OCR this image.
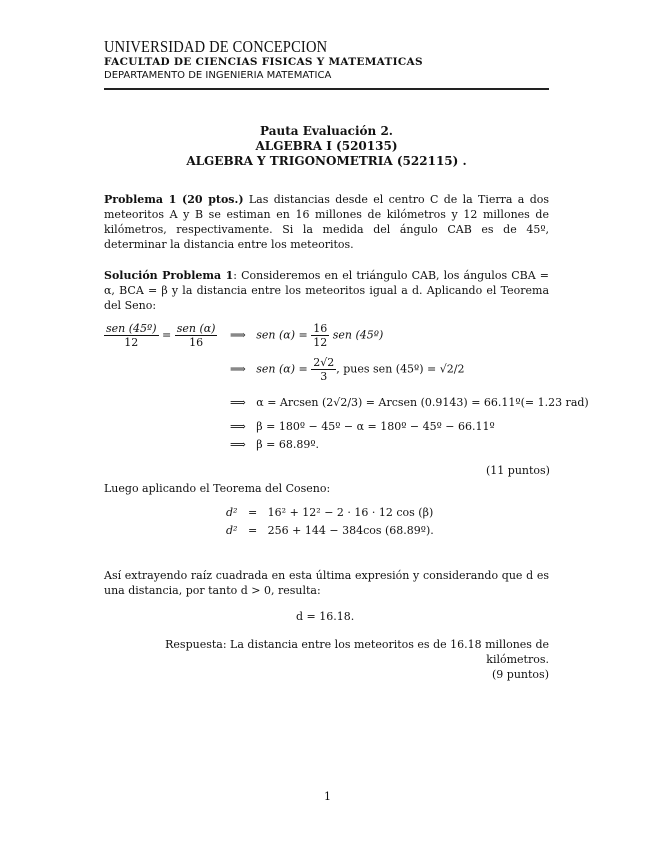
UNIVERSIDAD DE CONCEPCION
FACULTAD DE CIENCIAS FISICAS Y MATEMATICAS
DEPARTAMENTO DE INGENIERIA MATEMATICA
Pauta Evaluación 2.
ALGEBRA I (520135)
ALGEBRA Y TRIGONOMETRIA (522115) .
Problema 1 (20 ptos.) Las distancias desde el centro C de la Tierra a dos meteoritos A y B se estiman en 16 millones de kilómetros y 12 millones de kilómetros, respectivamente. Si la medida del ángulo CAB es de 45º, determinar la distancia entre los meteoritos.
Solución Problema 1: Consideremos en el triángulo CAB, los ángulos CBA = α, BCA = β y la distancia entre los meteoritos igual a d. Aplicando el Teorema del Seno:
$\frac{\text{sen (45º)}}{12} = \frac{\text{sen (α)}}{16}$ ⟹ sen $(\alpha) = \frac{16}{12}$ sen (45º)
⟹ sen $(\alpha) = \frac{2√2}{3}$ , pues sen (45º) = √2/2
⟹ α = Arcsen (2√2/3) = Arcsen (0.9143) = 66.11º(= 1.23 rad)
⟹ β = 180º − 45º − α = 180º − 45º − 66.11º
⟹ β = 68.89º.
(11 puntos)
Luego aplicando el Teorema del Coseno:
d² = 16² + 12² − 2 · 16 · 12 cos (β)
d² = 256 + 144 − 384cos (68.89º).
Así extrayendo raíz cuadrada en esta última expresión y considerando que d es una distancia, por tanto d > 0, resulta:
d = 16.18.
Respuesta: La distancia entre los meteoritos es de 16.18 millones de kilómetros.
(9 puntos)
1
